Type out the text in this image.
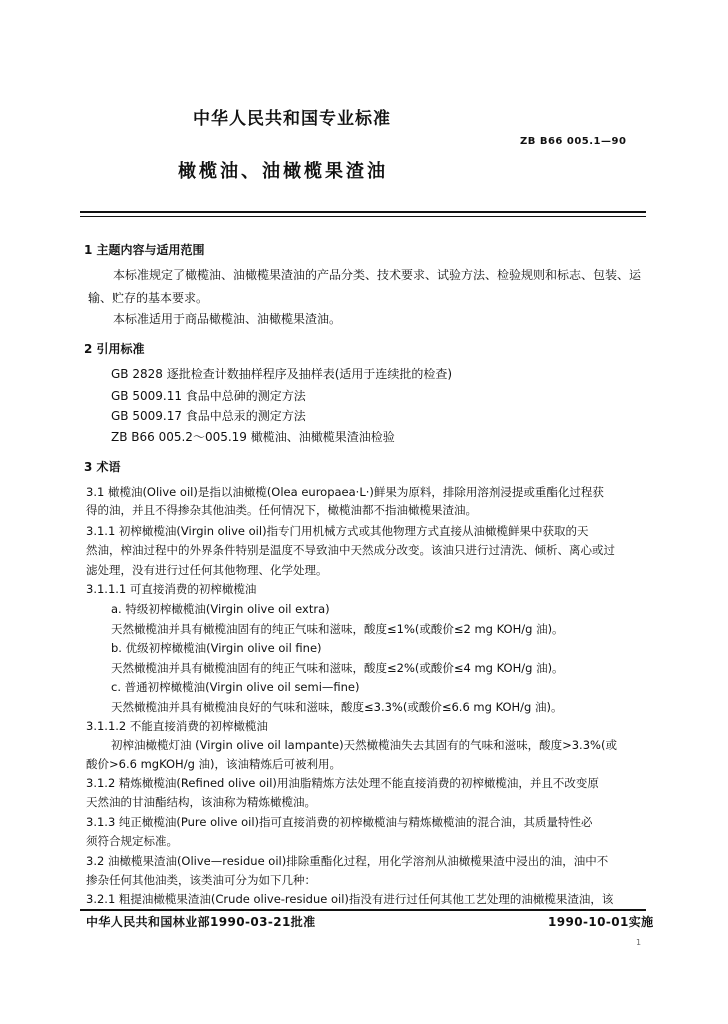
中华人民共和国专业标准
ZB B66 005.1—90
橄榄油、油橄榄果渣油
1 主题内容与适用范围
本标准规定了橄榄油、油橄榄果渣油的产品分类、技术要求、试验方法、检验规则和标志、包装、运
输、贮存的基本要求。
本标准适用于商品橄榄油、油橄榄果渣油。
2 引用标准
GB 2828 逐批检查计数抽样程序及抽样表(适用于连续批的检查)
GB 5009.11 食品中总砷的测定方法
GB 5009.17 食品中总汞的测定方法
ZB B66 005.2～005.19 橄榄油、油橄榄果渣油检验
3 术语
3.1 橄榄油(Olive oil)是指以油橄榄(Olea europaea·L·)鲜果为原料，排除用溶剂浸提或重酯化过程获
得的油，并且不得掺杂其他油类。任何情况下，橄榄油都不指油橄榄果渣油。
3.1.1 初榨橄榄油(Virgin olive oil)指专门用机械方式或其他物理方式直接从油橄榄鲜果中获取的天
然油，榨油过程中的外界条件特别是温度不导致油中天然成分改变。该油只进行过清洗、倾析、离心或过
滤处理，没有进行过任何其他物理、化学处理。
3.1.1.1 可直接消费的初榨橄榄油
a. 特级初榨橄榄油(Virgin olive oil extra)
天然橄榄油并具有橄榄油固有的纯正气味和滋味，酸度≤1%(或酸价≤2 mg KOH/g 油)。
b. 优级初榨橄榄油(Virgin olive oil fine)
天然橄榄油并具有橄榄油固有的纯正气味和滋味，酸度≤2%(或酸价≤4 mg KOH/g 油)。
c. 普通初榨橄榄油(Virgin olive oil semi—fine)
天然橄榄油并具有橄榄油良好的气味和滋味，酸度≤3.3%(或酸价≤6.6 mg KOH/g 油)。
3.1.1.2 不能直接消费的初榨橄榄油
初榨油橄榄灯油 (Virgin olive oil lampante)天然橄榄油失去其固有的气味和滋味，酸度>3.3%(或
酸价>6.6 mgKOH/g 油)，该油精炼后可被利用。
3.1.2 精炼橄榄油(Refined olive oil)用油脂精炼方法处理不能直接消费的初榨橄榄油，并且不改变原
天然油的甘油酯结构，该油称为精炼橄榄油。
3.1.3 纯正橄榄油(Pure olive oil)指可直接消费的初榨橄榄油与精炼橄榄油的混合油，其质量特性必
须符合规定标准。
3.2 油橄榄果渣油(Olive—residue oil)排除重酯化过程，用化学溶剂从油橄榄果渣中浸出的油，油中不
掺杂任何其他油类，该类油可分为如下几种：
3.2.1 粗提油橄榄果渣油(Crude olive-residue oil)指没有进行过任何其他工艺处理的油橄榄果渣油，该
中华人民共和国林业部1990-03-21批准	1990-10-01实施
1
